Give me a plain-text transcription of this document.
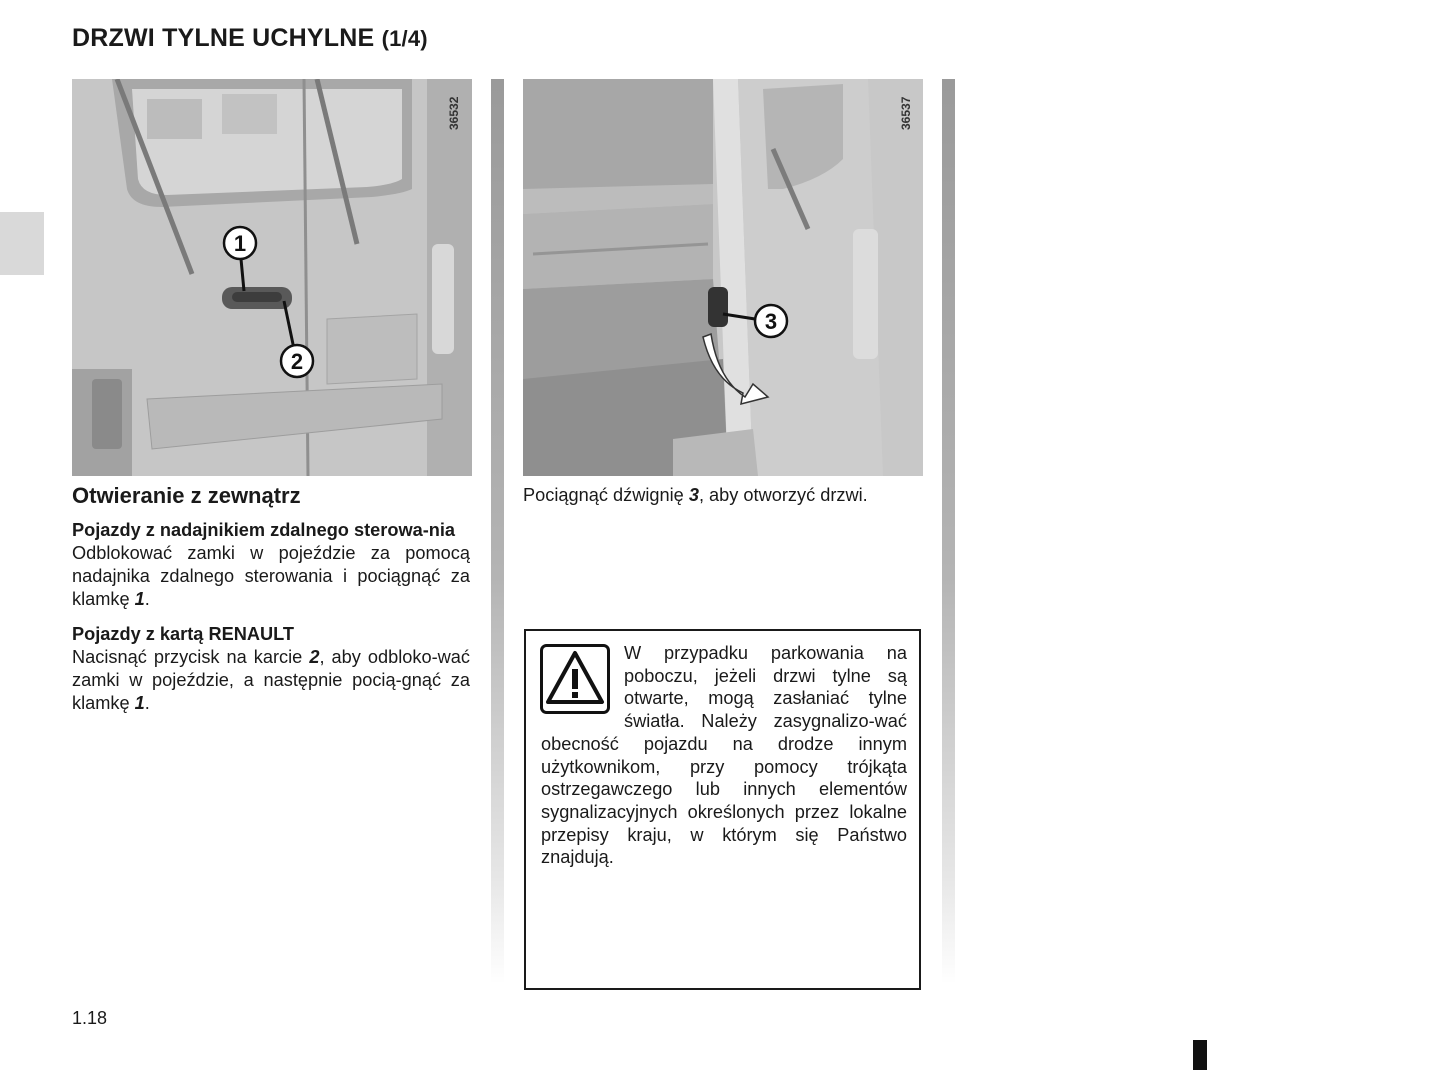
DRZWI TYLNE UCHYLNE (1/4)
1
2
36532
3
36537
Otwieranie z zewnątrz

Pojazdy z nadajnikiem zdalnego sterowa-nia

Odblokować zamki w pojeździe za pomocą nadajnika zdalnego sterowania i pociągnąć za klamkę 1.

Pojazdy z kartą RENAULT

Nacisnąć przycisk na karcie 2, aby odbloko-wać zamki w pojeździe, a następnie pocią-gnąć za klamkę 1.

Pociągnąć dźwignię 3, aby otworzyć drzwi.

W przypadku parkowania na poboczu, jeżeli drzwi tylne są otwarte, mogą zasłaniać tylne światła. Należy zasygnalizo-wać obecność pojazdu na drodze innym użytkownikom, przy pomocy trójkąta ostrzegawczego lub innych elementów sygnalizacyjnych określonych przez lokalne przepisy kraju, w którym się Państwo znajdują.
1.18
